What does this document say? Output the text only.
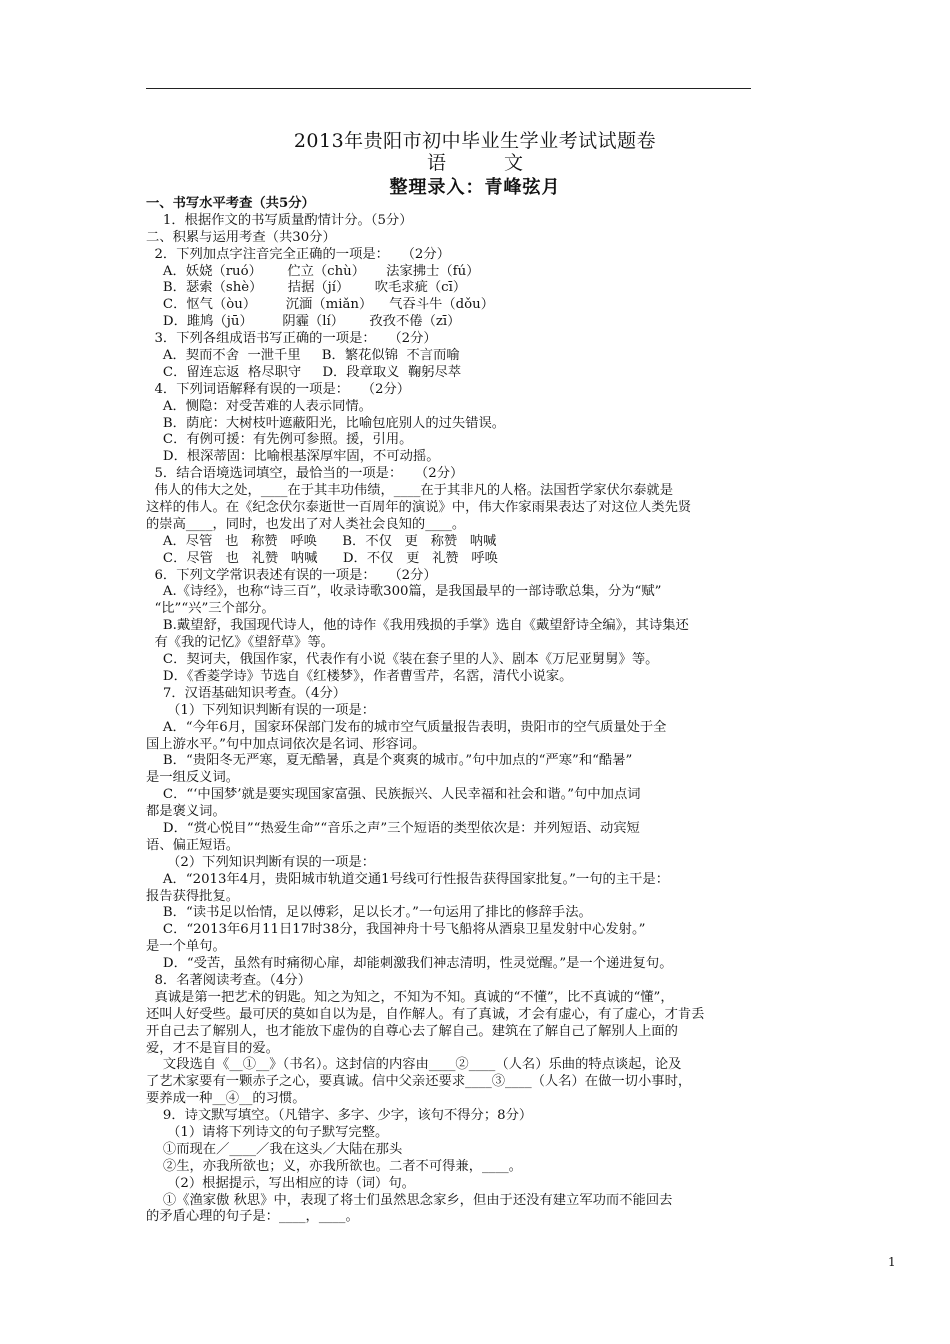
2013年贵阳市初中毕业生学业考试试题卷
语 文
整理录入：青峰弦月
一、书写水平考查（共5分）
1．根据作文的书写质量酌情计分。（5分）
二、积累与运用考查（共30分）
2．下列加点字注音完全正确的一项是：   （2分）
A．妖娆（ruó）      伫立（chù）     法家拂士（fú）
B．瑟索（shè）      拮据（jí）      吹毛求疵（cī）
C．怄气（òu）       沉湎（miǎn）    气吞斗牛（dǒu）
D．雎鸠（jū）       阴霾（lí）      孜孜不倦（zī）
3．下列各组成语书写正确的一项是：   （2分）
A．契而不舍  一泄千里     B．繁花似锦  不言而喻
C．留连忘返  格尽职守     D．段章取义  鞠躬尽萃
4．下列词语解释有误的一项是：   （2分）
A．恻隐：对受苦难的人表示同情。
B．荫庇：大树枝叶遮蔽阳光，比喻包庇别人的过失错误。
C．有例可援：有先例可参照。援，引用。
D．根深蒂固：比喻根基深厚牢固，不可动摇。
5．结合语境选词填空，最恰当的一项是：   （2分）
伟人的伟大之处，____在于其丰功伟绩，____在于其非凡的人格。法国哲学家伏尔泰就是
这样的伟人。在《纪念伏尔泰逝世一百周年的演说》中，伟大作家雨果表达了对这位人类先贤
的崇高____，同时，也发出了对人类社会良知的____。
A．尽管   也   称赞   呼唤      B．不仅   更   称赞   呐喊
C．尽管   也   礼赞   呐喊      D．不仅   更   礼赞   呼唤
6．下列文学常识表述有误的一项是：   （2分）
A.《诗经》，也称“诗三百”，收录诗歌300篇，是我国最早的一部诗歌总集，分为“赋”
“比”“兴”三个部分。
B.戴望舒，我国现代诗人，他的诗作《我用残损的手掌》选自《戴望舒诗全编》，其诗集还
有《我的记忆》《望舒草》等。
C．契诃夫，俄国作家，代表作有小说《装在套子里的人》、剧本《万尼亚舅舅》等。
D．《香菱学诗》节选自《红楼梦》，作者曹雪芹，名霑，清代小说家。
7．汉语基础知识考查。（4分）
（1）下列知识判断有误的一项是：
A．“今年6月，国家环保部门发布的城市空气质量报告表明，贵阳市的空气质量处于全
国上游水平。”句中加点词依次是名词、形容词。
B．“贵阳冬无严寒，夏无酷暑，真是个爽爽的城市。”句中加点的“严寒”和“酷暑”
是一组反义词。
C．“‘中国梦’就是要实现国家富强、民族振兴、人民幸福和社会和谐。”句中加点词
都是褒义词。
D．“赏心悦目”“热爱生命”“音乐之声”三个短语的类型依次是：并列短语、动宾短
语、偏正短语。
（2）下列知识判断有误的一项是：
A．“2013年4月，贵阳城市轨道交通1号线可行性报告获得国家批复。”一句的主干是：
报告获得批复。
B．“读书足以怡情，足以傅彩，足以长才。”一句运用了排比的修辞手法。
C．“2013年6月11日17时38分，我国神舟十号飞船将从酒泉卫星发射中心发射。”
是一个单句。
D．“受苦，虽然有时痛彻心扉，却能刺激我们神志清明，性灵觉醒。”是一个递进复句。
8．名著阅读考查。（4分）
真诚是第一把艺术的钥匙。知之为知之，不知为不知。真诚的“不懂”，比不真诚的“懂”，
还叫人好受些。最可厌的莫如自以为是，自作解人。有了真诚，才会有虚心，有了虚心，才肯丢
开自己去了解别人，也才能放下虚伪的自尊心去了解自己。建筑在了解自己了解别人上面的
爱，才不是盲目的爱。
文段选自《__①__》（书名）。这封信的内容由____②____（人名）乐曲的特点谈起，论及
了艺术家要有一颗赤子之心，要真诚。信中父亲还要求____③____（人名）在做一切小事时，
要养成一种__④__的习惯。
9．诗文默写填空。（凡错字、多字、少字，该句不得分；8分）
（1）请将下列诗文的句子默写完整。
①而现在／____／我在这头／大陆在那头
②生，亦我所欲也；义，亦我所欲也。二者不可得兼，____。
（2）根据提示，写出相应的诗（词）句。
①《渔家傲 秋思》中，表现了将士们虽然思念家乡，但由于还没有建立军功而不能回去
的矛盾心理的句子是：____，____。
1
